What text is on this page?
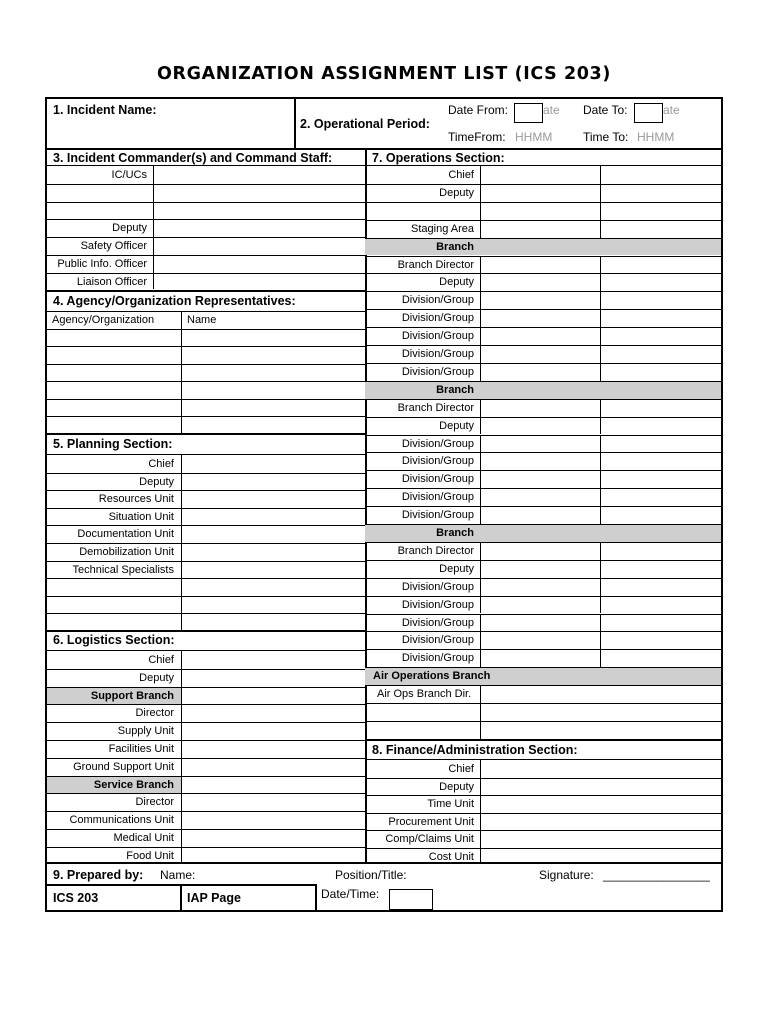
ORGANIZATION ASSIGNMENT LIST (ICS 203)
1. Incident Name:
2. Operational Period:
Date From:	ate Date To:	ate
TimeFrom: HHMM	Time To: HHMM
3. Incident Commander(s) and Command Staff:
IC/UCs
Deputy
Safety Officer
Public Info. Officer
Liaison Officer
4. Agency/Organization Representatives:
Agency/Organization	Name
5. Planning Section:
Chief
Deputy
Resources Unit
Situation Unit
Documentation Unit
Demobilization Unit
Technical Specialists
6. Logistics Section:
Chief
Deputy
Support Branch
Director
Supply Unit
Facilities Unit
Ground Support Unit
Service Branch
Director
Communications Unit
Medical Unit
Food Unit
7. Operations Section:
Chief
Deputy
Staging Area
Branch
Branch Director
Deputy
Division/Group
Division/Group
Division/Group
Division/Group
Division/Group
Branch
Branch Director
Deputy
Division/Group
Division/Group
Division/Group
Division/Group
Division/Group
Branch
Branch Director
Deputy
Division/Group
Division/Group
Division/Group
Division/Group
Division/Group
Air Operations Branch
Air Ops Branch Dir.
8. Finance/Administration Section:
Chief
Deputy
Time Unit
Procurement Unit
Comp/Claims Unit
Cost Unit
9. Prepared by: Name:	Position/Title:	Signature: ________________
ICS 203	IAP Page	Date/Time:
